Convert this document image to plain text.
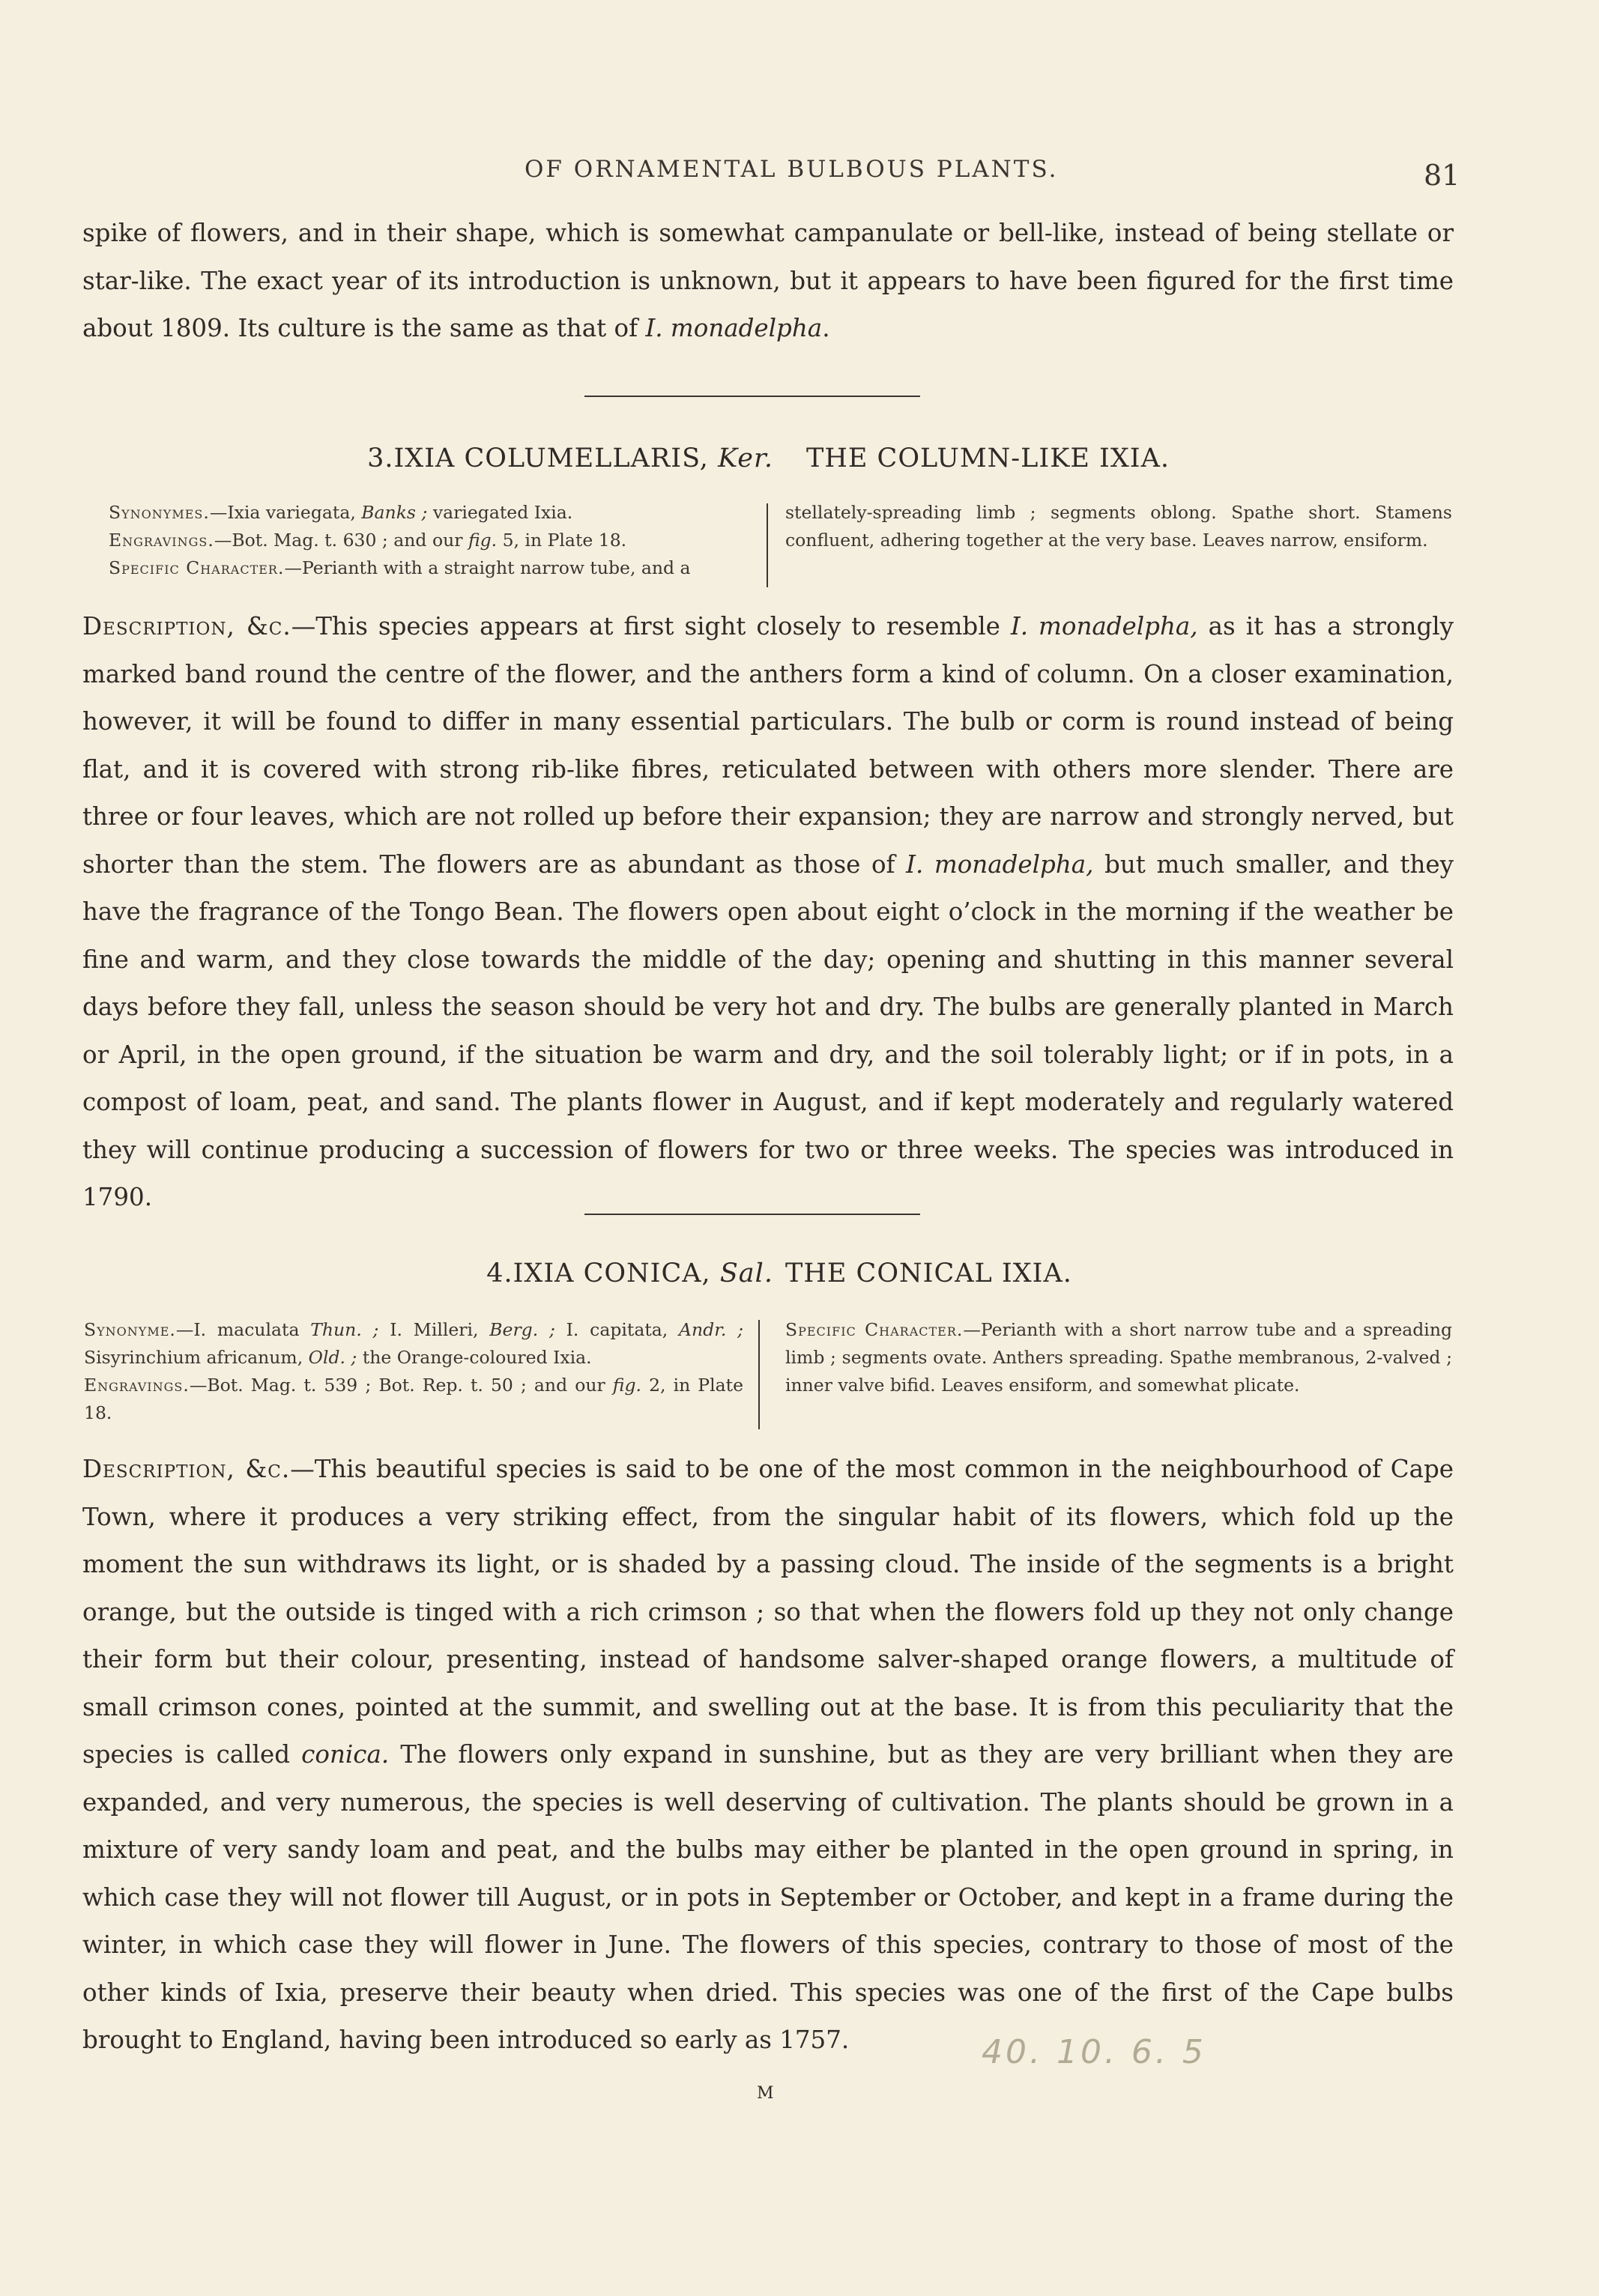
OF ORNAMENTAL BULBOUS PLANTS.	81

spike of flowers, and in their shape, which is somewhat campanulate or bell-like, instead of being stellate or star-like. The exact year of its introduction is unknown, but it appears to have been figured for the first time about 1809. Its culture is the same as that of I. monadelpha.

3.IXIA COLUMELLARIS, Ker. THE COLUMN-LIKE IXIA.
Synonymes.—Ixia variegata, Banks ; variegated Ixia.
Engravings.—Bot. Mag. t. 630 ; and our fig. 5, in Plate 18.
Specific Character.—Perianth with a straight narrow tube, and a
stellately-spreading limb ; segments oblong. Spathe short. Stamens confluent, adhering together at the very base. Leaves narrow, ensiform.

Description, &c.—This species appears at first sight closely to resemble I. monadelpha, as it has a strongly marked band round the centre of the flower, and the anthers form a kind of column. On a closer examination, however, it will be found to differ in many essential particulars. The bulb or corm is round instead of being flat, and it is covered with strong rib-like fibres, reticulated between with others more slender. There are three or four leaves, which are not rolled up before their expansion; they are narrow and strongly nerved, but shorter than the stem. The flowers are as abundant as those of I. monadelpha, but much smaller, and they have the fragrance of the Tongo Bean. The flowers open about eight o’clock in the morning if the weather be fine and warm, and they close towards the middle of the day; opening and shutting in this manner several days before they fall, unless the season should be very hot and dry. The bulbs are generally planted in March or April, in the open ground, if the situation be warm and dry, and the soil tolerably light; or if in pots, in a compost of loam, peat, and sand. The plants flower in August, and if kept moderately and regularly watered they will continue producing a succession of flowers for two or three weeks. The species was introduced in 1790.

4.IXIA CONICA, Sal. THE CONICAL IXIA.
Synonyme.—I. maculata Thun. ; I. Milleri, Berg. ; I. capitata, Andr. ; Sisyrinchium africanum, Old. ; the Orange-coloured Ixia.
Engravings.—Bot. Mag. t. 539 ; Bot. Rep. t. 50 ; and our fig. 2, in Plate 18.
Specific Character.—Perianth with a short narrow tube and a spreading limb ; segments ovate. Anthers spreading. Spathe membranous, 2-valved ; inner valve bifid. Leaves ensiform, and somewhat plicate.

Description, &c.—This beautiful species is said to be one of the most common in the neighbourhood of Cape Town, where it produces a very striking effect, from the singular habit of its flowers, which fold up the moment the sun withdraws its light, or is shaded by a passing cloud. The inside of the segments is a bright orange, but the outside is tinged with a rich crimson ; so that when the flowers fold up they not only change their form but their colour, presenting, instead of handsome salver-shaped orange flowers, a multitude of small crimson cones, pointed at the summit, and swelling out at the base. It is from this peculiarity that the species is called conica. The flowers only expand in sunshine, but as they are very brilliant when they are expanded, and very numerous, the species is well deserving of cultivation. The plants should be grown in a mixture of very sandy loam and peat, and the bulbs may either be planted in the open ground in spring, in which case they will not flower till August, or in pots in September or October, and kept in a frame during the winter, in which case they will flower in June. The flowers of this species, contrary to those of most of the other kinds of Ixia, preserve their beauty when dried. This species was one of the first of the Cape bulbs brought to England, having been introduced so early as 1757.	40. 10. 6. 5
M
